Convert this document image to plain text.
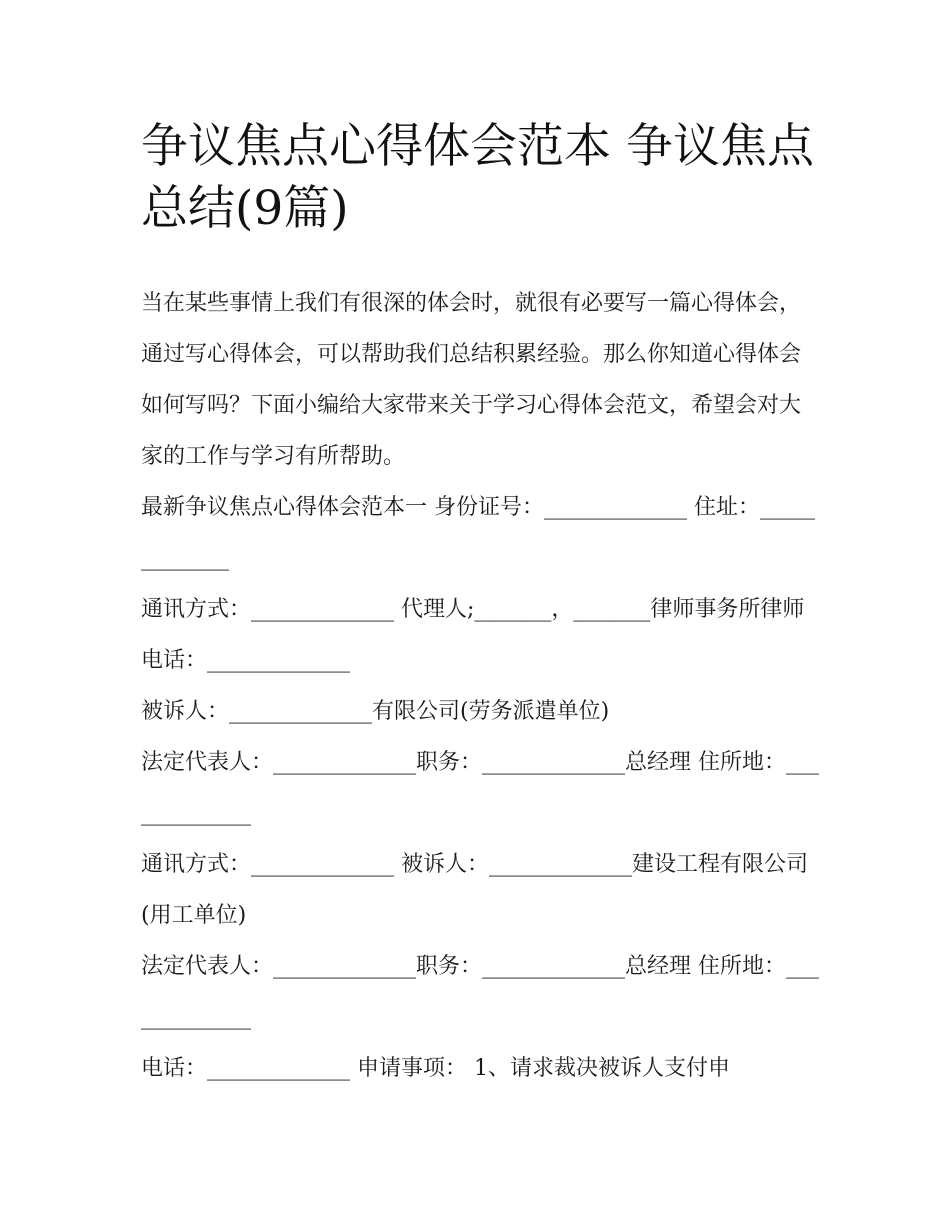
争议焦点心得体会范本 争议焦点总结(9篇)

当在某些事情上我们有很深的体会时，就很有必要写一篇心得体会，通过写心得体会，可以帮助我们总结积累经验。那么你知道心得体会如何写吗？下面小编给大家带来关于学习心得体会范文，希望会对大家的工作与学习有所帮助。

最新争议焦点心得体会范本一 身份证号：_____________ 住址：_____________

通讯方式：_____________ 代理人;_______，_______律师事务所律师 电话：_____________

被诉人：_____________有限公司(劳务派遣单位)

法定代表人：_____________职务：_____________总经理 住所地：_____________

通讯方式：_____________ 被诉人：_____________建设工程有限公司(用工单位)

法定代表人：_____________职务：_____________总经理 住所地：_____________

电话：_____________ 申请事项： 1、请求裁决被诉人支付申
